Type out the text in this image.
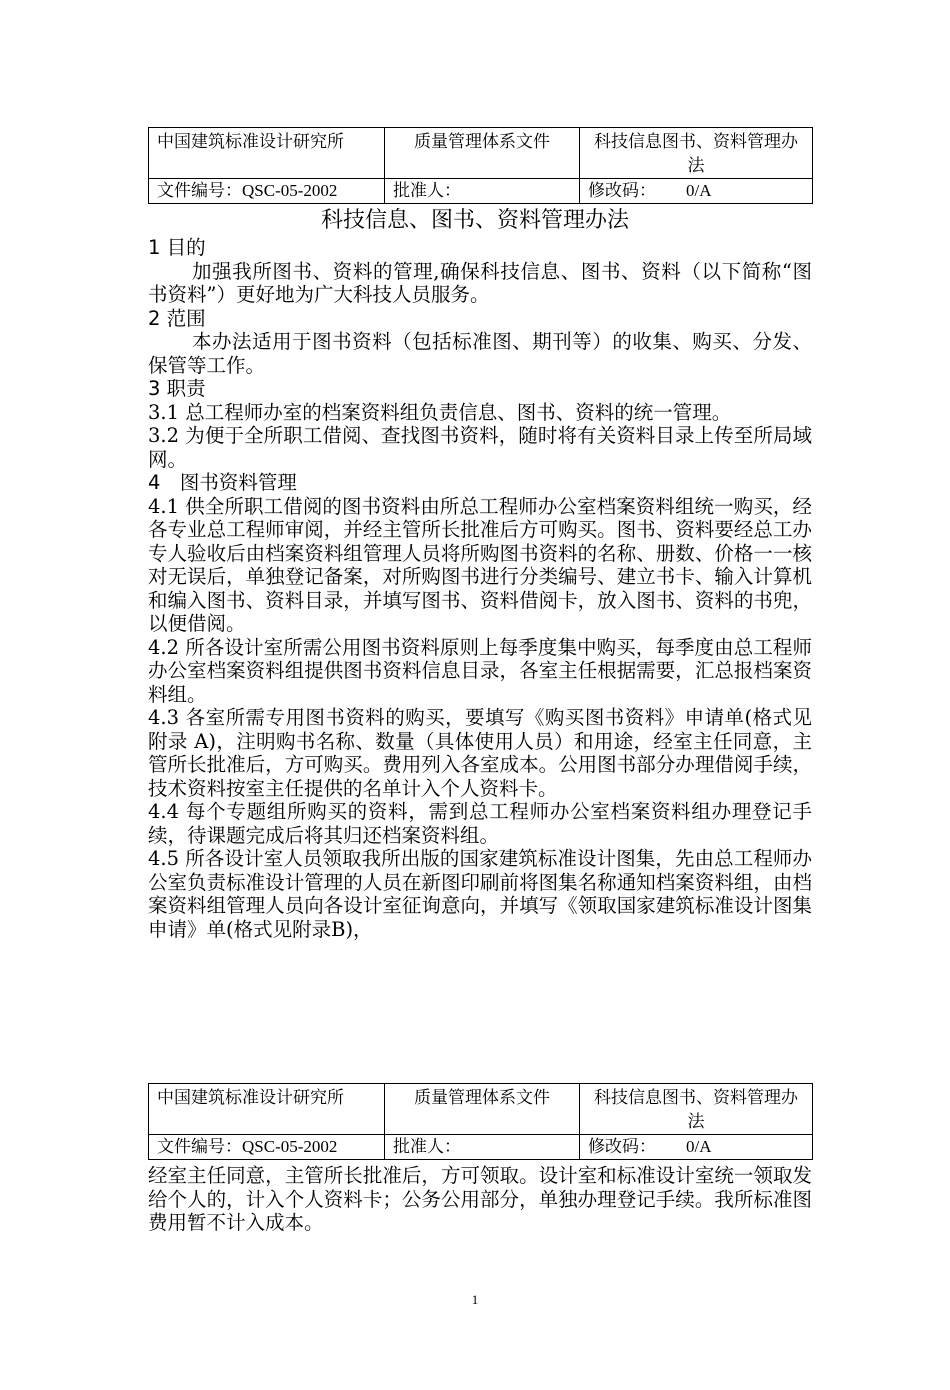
中国建筑标准设计研究所	质量管理体系文件	科技信息图书、资料管理办法
文件编号：QSC-05-2002	批准人：	修改码： 0/A
科技信息、图书、资料管理办法

1 目的

加强我所图书、资料的管理,确保科技信息、图书、资料（以下简称“图书资料”）更好地为广大科技人员服务。

2 范围

本办法适用于图书资料（包括标准图、期刊等）的收集、购买、分发、保管等工作。

3 职责

3.1 总工程师办室的档案资料组负责信息、图书、资料的统一管理。

3.2 为便于全所职工借阅、查找图书资料，随时将有关资料目录上传至所局域网。

4　图书资料管理

4.1 供全所职工借阅的图书资料由所总工程师办公室档案资料组统一购买，经各专业总工程师审阅，并经主管所长批准后方可购买。图书、资料要经总工办专人验收后由档案资料组管理人员将所购图书资料的名称、册数、价格一一核对无误后，单独登记备案，对所购图书进行分类编号、建立书卡、输入计算机和编入图书、资料目录，并填写图书、资料借阅卡，放入图书、资料的书兜，以便借阅。

4.2 所各设计室所需公用图书资料原则上每季度集中购买，每季度由总工程师办公室档案资料组提供图书资料信息目录，各室主任根据需要，汇总报档案资料组。

4.3 各室所需专用图书资料的购买，要填写《购买图书资料》申请单(格式见附录 A)，注明购书名称、数量（具体使用人员）和用途，经室主任同意，主管所长批准后，方可购买。费用列入各室成本。公用图书部分办理借阅手续，技术资料按室主任提供的名单计入个人资料卡。

4.4 每个专题组所购买的资料，需到总工程师办公室档案资料组办理登记手续，待课题完成后将其归还档案资料组。

4.5 所各设计室人员领取我所出版的国家建筑标准设计图集，先由总工程师办公室负责标准设计管理的人员在新图印刷前将图集名称通知档案资料组，由档案资料组管理人员向各设计室征询意向，并填写《领取国家建筑标准设计图集申请》单(格式见附录B)，

中国建筑标准设计研究所	质量管理体系文件	科技信息图书、资料管理办法
文件编号：QSC-05-2002	批准人：	修改码： 0/A

经室主任同意，主管所长批准后，方可领取。设计室和标准设计室统一领取发给个人的，计入个人资料卡；公务公用部分，单独办理登记手续。我所标准图费用暂不计入成本。

1
